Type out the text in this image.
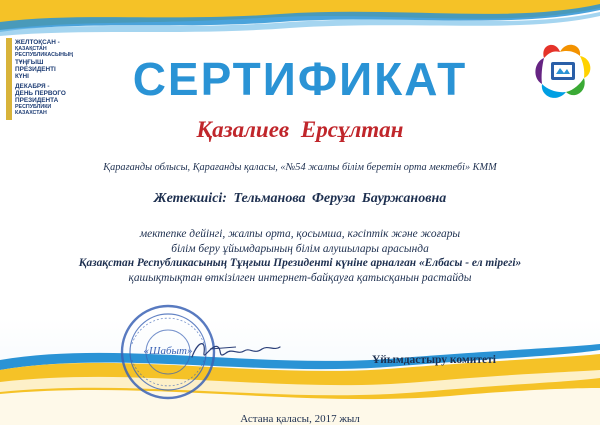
ЖЕЛТОҚСАН -
ҚАЗАҚСТАН
РЕСПУБЛИКАСЫНЫҢ
ТҰҢҒЫШ
ПРЕЗИДЕНТІ
КҮНІ
ДЕКАБРЯ -
ДЕНЬ ПЕРВОГО
ПРЕЗИДЕНТА
РЕСПУБЛИКИ КАЗАХСТАН
СЕРТИФИКАТ
Қазалиев Ерсұлтан
Қарағанды облысы, Қарағанды қаласы, «№54 жалпы білім беретін орта мектебі» КММ
Жетекшісі: Тельманова Феруза Бауржановна
мектепке дейінгі, жалпы орта, қосымша, кәсіптік және жоғары
білім беру ұйымдарының білім алушылары арасында
Қазақстан Республикасының Тұңғыш Президенті күніне арналған «Елбасы - ел тірегі»
қашықтықтан өткізілген интернет-байқауға қатысқанын растайды
«Шабыт»
Ұйымдастыру комитеті
Астана қаласы, 2017 жыл
